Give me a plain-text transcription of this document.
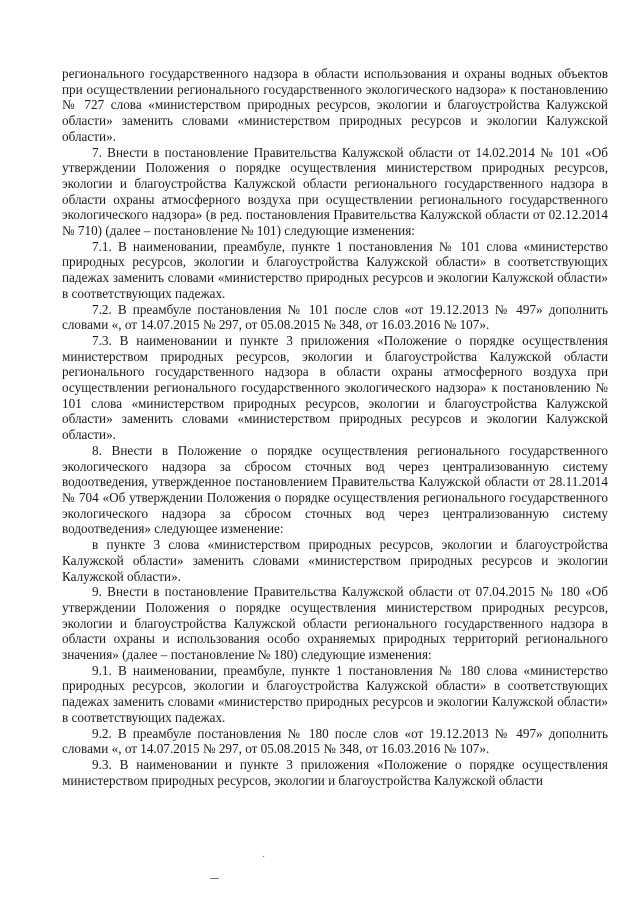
регионального государственного надзора в области использования и охраны водных объектов при осуществлении регионального государственного экологического надзора» к постановлению № 727 слова «министерством природных ресурсов, экологии и благоустройства Калужской области» заменить словами «министерством природных ресурсов и экологии Калужской области».

7. Внести в постановление Правительства Калужской области от 14.02.2014 № 101 «Об утверждении Положения о порядке осуществления министерством природных ресурсов, экологии и благоустройства Калужской области регионального государственного надзора в области охраны атмосферного воздуха при осуществлении регионального государственного экологического надзора» (в ред. постановления Правительства Калужской области от 02.12.2014 № 710) (далее – постановление № 101) следующие изменения:

7.1. В наименовании, преамбуле, пункте 1 постановления № 101 слова «министерство природных ресурсов, экологии и благоустройства Калужской области» в соответствующих падежах заменить словами «министерство природных ресурсов и экологии Калужской области» в соответствующих падежах.

7.2. В преамбуле постановления № 101 после слов «от 19.12.2013 № 497» дополнить словами «, от 14.07.2015 № 297, от 05.08.2015 № 348, от 16.03.2016 № 107».

7.3. В наименовании и пункте 3 приложения «Положение о порядке осуществления министерством природных ресурсов, экологии и благоустройства Калужской области регионального государственного надзора в области охраны атмосферного воздуха при осуществлении регионального государственного экологического надзора» к постановлению № 101 слова «министерством природных ресурсов, экологии и благоустройства Калужской области» заменить словами «министерством природных ресурсов и экологии Калужской области».

8. Внести в Положение о порядке осуществления регионального государственного экологического надзора за сбросом сточных вод через централизованную систему водоотведения, утвержденное постановлением Правительства Калужской области от 28.11.2014 № 704 «Об утверждении Положения о порядке осуществления регионального государственного экологического надзора за сбросом сточных вод через централизованную систему водоотведения» следующее изменение:

в пункте 3 слова «министерством природных ресурсов, экологии и благоустройства Калужской области» заменить словами «министерством природных ресурсов и экологии Калужской области».

9. Внести в постановление Правительства Калужской области от 07.04.2015 № 180 «Об утверждении Положения о порядке осуществления министерством природных ресурсов, экологии и благоустройства Калужской области регионального государственного надзора в области охраны и использования особо охраняемых природных территорий регионального значения» (далее – постановление № 180) следующие изменения:

9.1. В наименовании, преамбуле, пункте 1 постановления № 180 слова «министерство природных ресурсов, экологии и благоустройства Калужской области» в соответствующих падежах заменить словами «министерство природных ресурсов и экологии Калужской области» в соответствующих падежах.

9.2. В преамбуле постановления № 180 после слов «от 19.12.2013 № 497» дополнить словами «, от 14.07.2015 № 297, от 05.08.2015 № 348, от 16.03.2016 № 107».

9.3. В наименовании и пункте 3 приложения «Положение о порядке осуществления министерством природных ресурсов, экологии и благоустройства Калужской области

·
